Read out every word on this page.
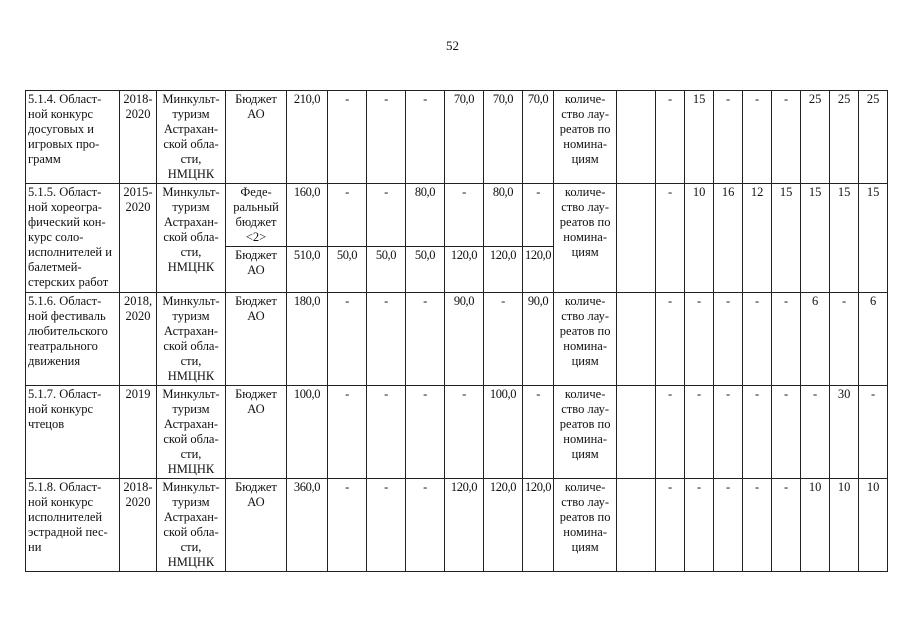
52
5.1.4. Област-ной конкурс досуговых и игровых про-грамм	2018-2020	Минкульт-туризм Астрахан-ской обла-сти, НМЦНК	Бюджет АО	210,0	-	-	-	70,0	70,0	70,0	количе-ство лау-реатов по номина-циям		-	15	-	-	-	25	25	25
5.1.5. Област-ной хореогра-фический кон-курс соло-исполнителей и балетмей-стерских работ	2015-2020	Минкульт-туризм Астрахан-ской обла-сти, НМЦНК	Феде-ральный бюджет <2>	160,0	-	-	80,0	-	80,0	-	количе-ство лау-реатов по номина-циям		-	10	16	12	15	15	15	15
			Бюджет АО	510,0	50,0	50,0	50,0	120,0	120,0	120,0										
5.1.6. Област-ной фестиваль любительского театрального движения	2018, 2020	Минкульт-туризм Астрахан-ской обла-сти, НМЦНК	Бюджет АО	180,0	-	-	-	90,0	-	90,0	количе-ство лау-реатов по номина-циям		-	-	-	-	-	6	-	6
5.1.7. Област-ной конкурс чтецов	2019	Минкульт-туризм Астрахан-ской обла-сти, НМЦНК	Бюджет АО	100,0	-	-	-	-	100,0	-	количе-ство лау-реатов по номина-циям		-	-	-	-	-	-	30	-
5.1.8. Област-ной конкурс исполнителей эстрадной пес-ни	2018-2020	Минкульт-туризм Астрахан-ской обла-сти, НМЦНК	Бюджет АО	360,0	-	-	-	120,0	120,0	120,0	количе-ство лау-реатов по номина-циям		-	-	-	-	-	10	10	10
